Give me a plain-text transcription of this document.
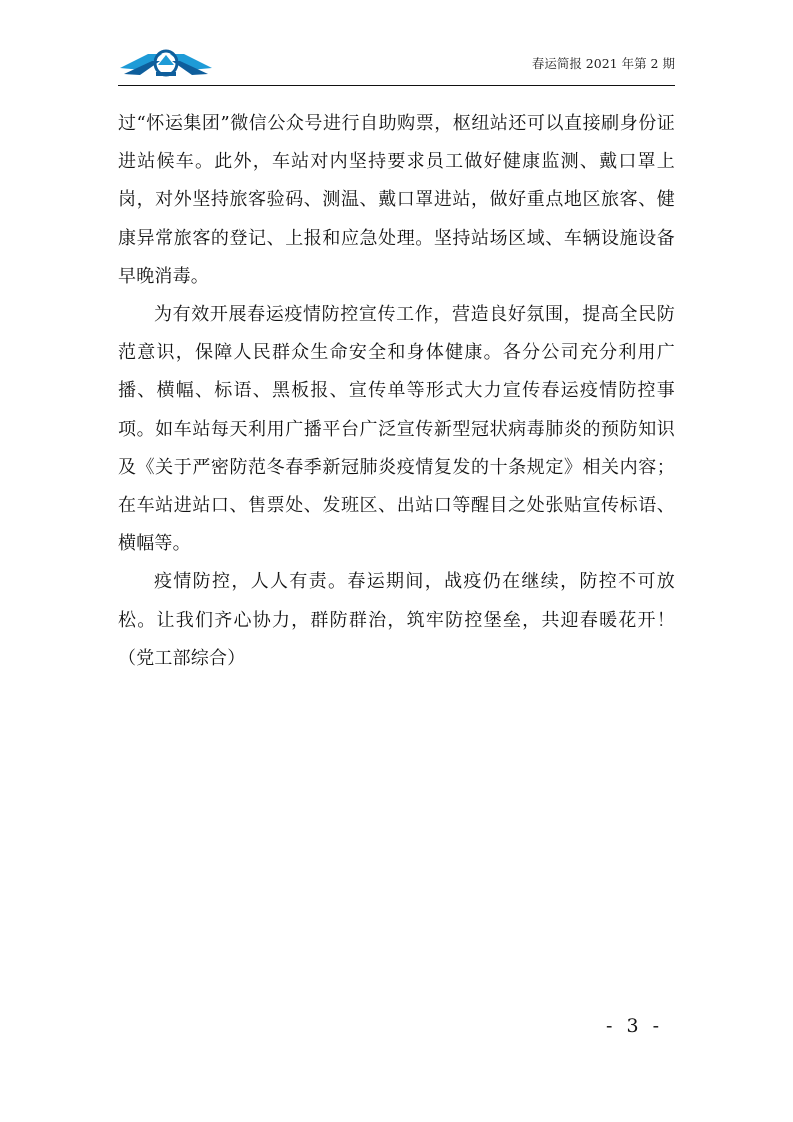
春运简报 2021 年第 2 期

过“怀运集团”微信公众号进行自助购票，枢纽站还可以直接刷身份证进站候车。此外，车站对内坚持要求员工做好健康监测、戴口罩上岗，对外坚持旅客验码、测温、戴口罩进站，做好重点地区旅客、健康异常旅客的登记、上报和应急处理。坚持站场区域、车辆设施设备早晚消毒。

为有效开展春运疫情防控宣传工作，营造良好氛围，提高全民防范意识，保障人民群众生命安全和身体健康。各分公司充分利用广播、横幅、标语、黑板报、宣传单等形式大力宣传春运疫情防控事项。如车站每天利用广播平台广泛宣传新型冠状病毒肺炎的预防知识及《关于严密防范冬春季新冠肺炎疫情复发的十条规定》相关内容；在车站进站口、售票处、发班区、出站口等醒目之处张贴宣传标语、横幅等。

疫情防控，人人有责。春运期间，战疫仍在继续，防控不可放松。让我们齐心协力，群防群治，筑牢防控堡垒，共迎春暖花开！（党工部综合）

- 3 -
